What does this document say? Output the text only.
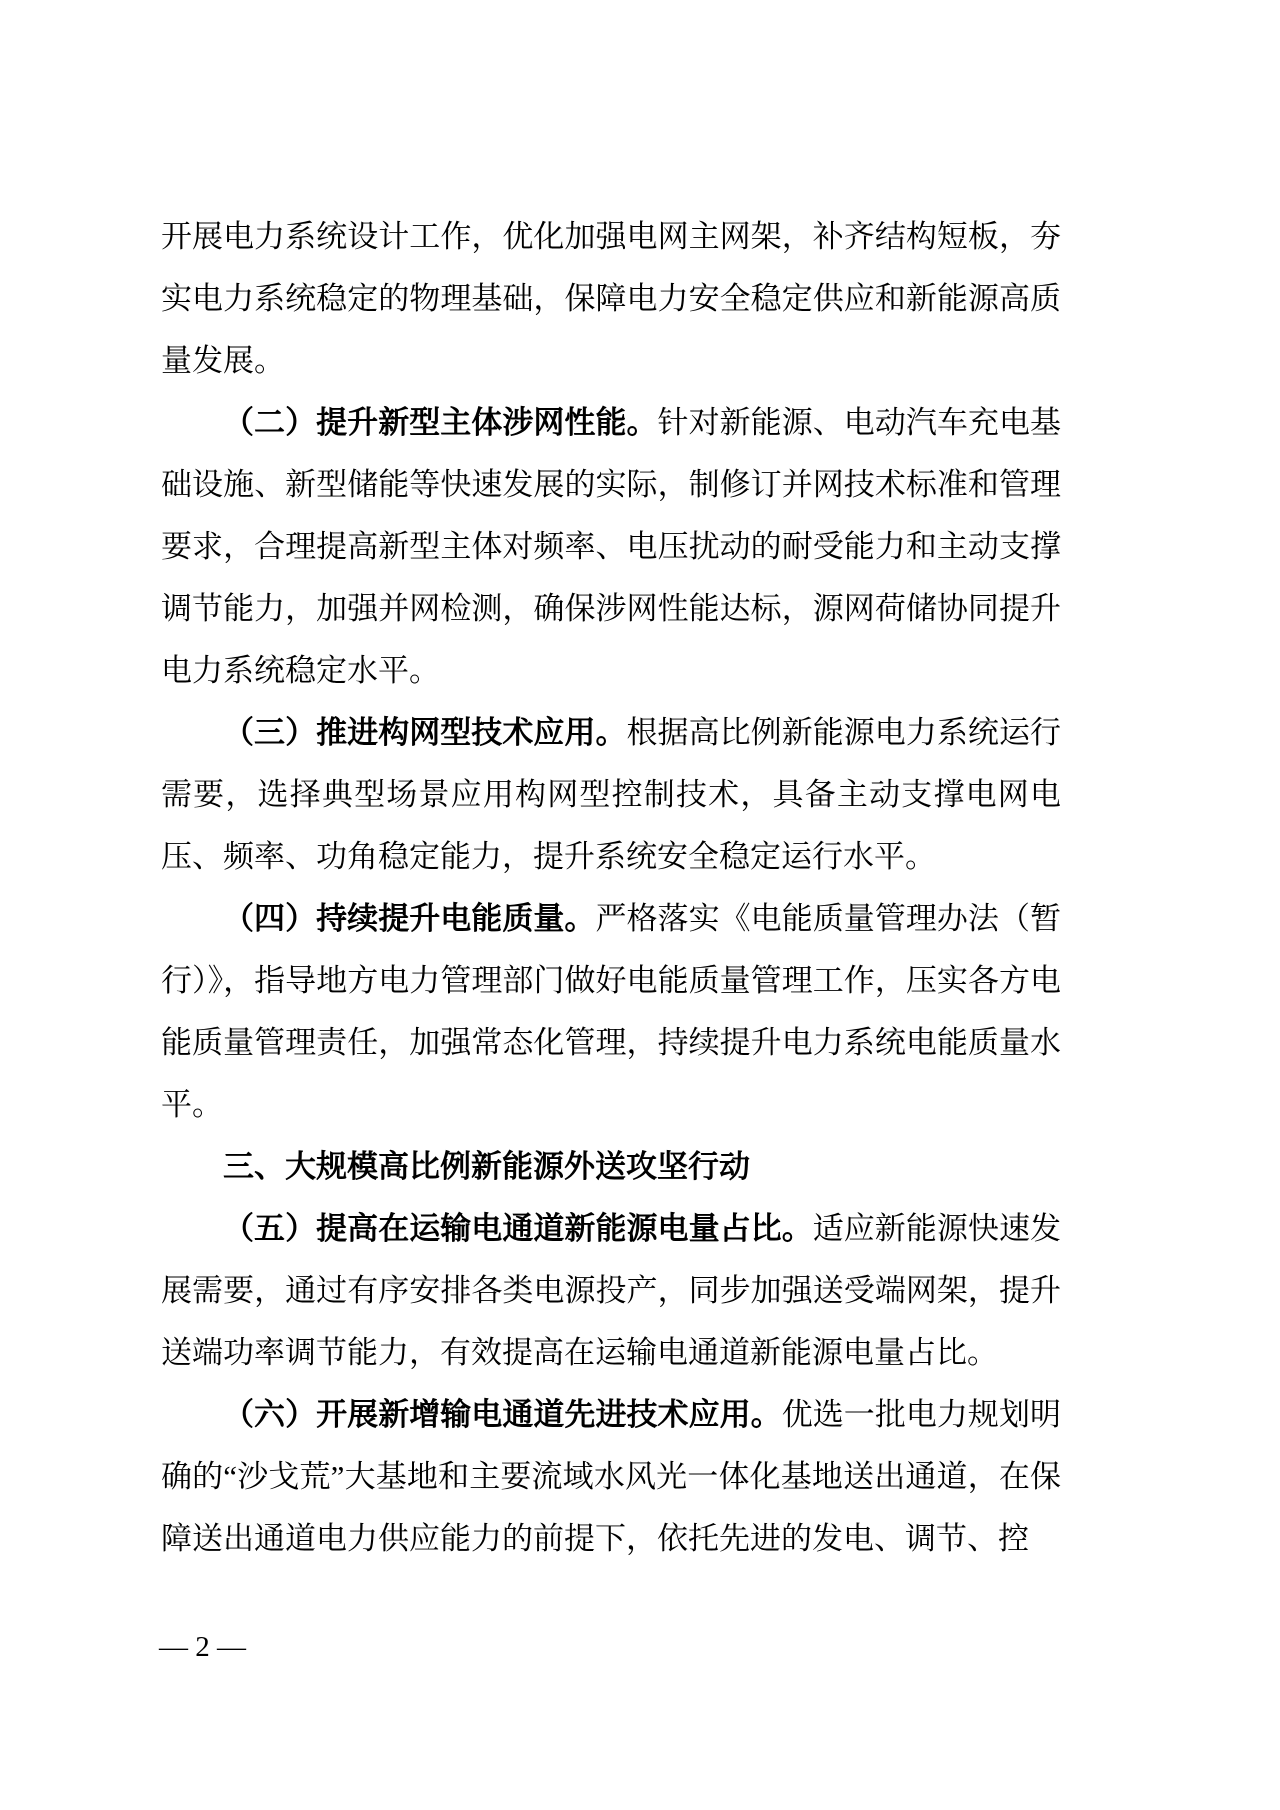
开展电力系统设计工作，优化加强电网主网架，补齐结构短板，夯实电力系统稳定的物理基础，保障电力安全稳定供应和新能源高质量发展。

（二）提升新型主体涉网性能。针对新能源、电动汽车充电基础设施、新型储能等快速发展的实际，制修订并网技术标准和管理要求，合理提高新型主体对频率、电压扰动的耐受能力和主动支撑调节能力，加强并网检测，确保涉网性能达标，源网荷储协同提升电力系统稳定水平。

（三）推进构网型技术应用。根据高比例新能源电力系统运行需要，选择典型场景应用构网型控制技术，具备主动支撑电网电压、频率、功角稳定能力，提升系统安全稳定运行水平。

（四）持续提升电能质量。严格落实《电能质量管理办法（暂行）》，指导地方电力管理部门做好电能质量管理工作，压实各方电能质量管理责任，加强常态化管理，持续提升电力系统电能质量水平。

三、大规模高比例新能源外送攻坚行动

（五）提高在运输电通道新能源电量占比。适应新能源快速发展需要，通过有序安排各类电源投产，同步加强送受端网架，提升送端功率调节能力，有效提高在运输电通道新能源电量占比。

（六）开展新增输电通道先进技术应用。优选一批电力规划明确的“沙戈荒”大基地和主要流域水风光一体化基地送出通道，在保障送出通道电力供应能力的前提下，依托先进的发电、调节、控

— 2 —
